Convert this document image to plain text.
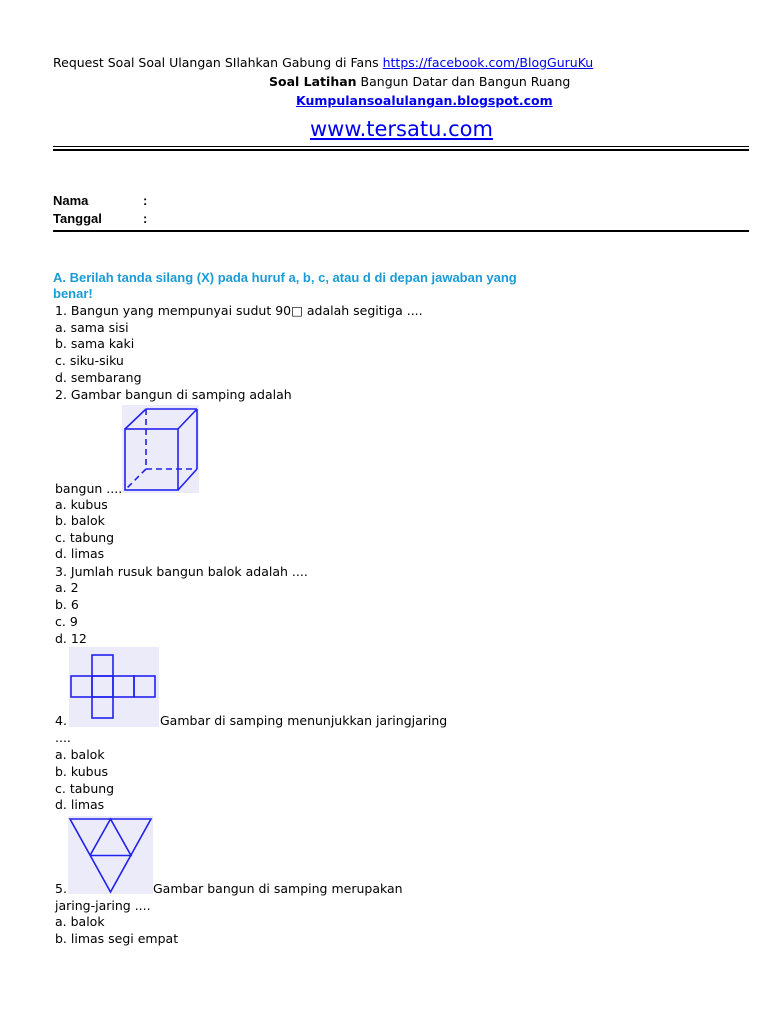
Request Soal Soal Ulangan SIlahkan Gabung di Fans https://facebook.com/BlogGuruKu
Soal Latihan Bangun Datar dan Bangun Ruang
Kumpulansoalulangan.blogspot.com
www.tersatu.com
Nama	:
Tanggal	:
A. Berilah tanda silang (X) pada huruf a, b, c, atau d di depan jawaban yang
benar!
1. Bangun yang mempunyai sudut 90□ adalah segitiga ....
a. sama sisi
b. sama kaki
c. siku-siku
d. sembarang
2. Gambar bangun di samping adalah
bangun ....
a. kubus
b. balok
c. tabung
d. limas
3. Jumlah rusuk bangun balok adalah ....
a. 2
b. 6
c. 9
d. 12
4.	Gambar di samping menunjukkan jaringjaring
....
a. balok
b. kubus
c. tabung
d. limas
5.	Gambar bangun di samping merupakan
jaring-jaring ....
a. balok
b. limas segi empat
